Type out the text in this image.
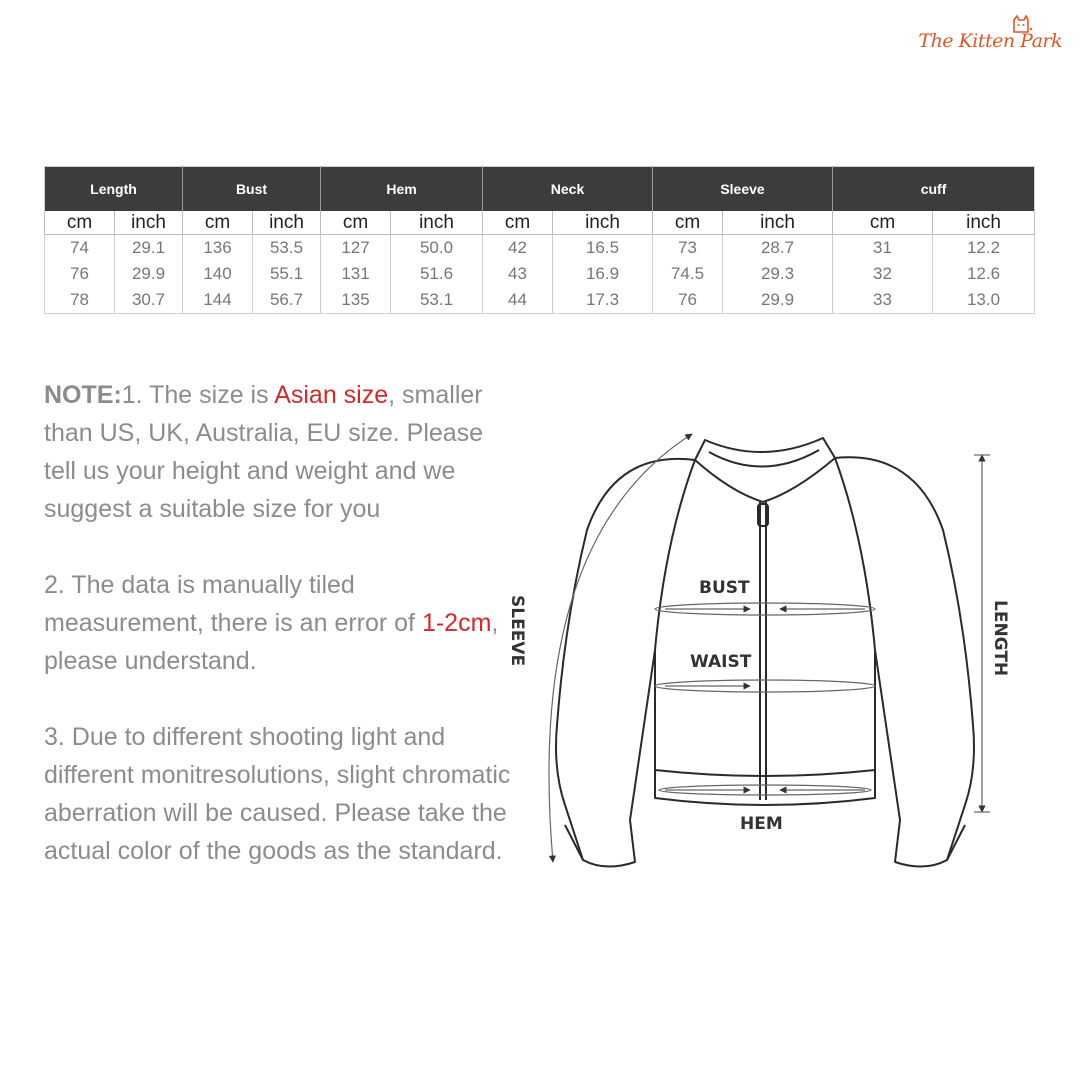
The Kitten Park
Length		Bust		Hem		Neck		Sleeve		cuff	
cm	inch	cm	inch	cm	inch	cm	inch	cm	inch	cm	inch
74	29.1	136	53.5	127	50.0	42	16.5	73	28.7	31	12.2
76	29.9	140	55.1	131	51.6	43	16.9	74.5	29.3	32	12.6
78	30.7	144	56.7	135	53.1	44	17.3	76	29.9	33	13.0

NOTE:1. The size is Asian size, smaller than US, UK, Australia, EU size. Please tell us your height and weight and we suggest a suitable size for you

2. The data is manually tiled measurement, there is an error of 1-2cm, please understand.

3. Due to different shooting light and different monitresolutions, slight chromatic aberration will be caused. Please take the actual color of the goods as the standard.

BUST
WAIST
HEM
SLEEVE	LENGTH
